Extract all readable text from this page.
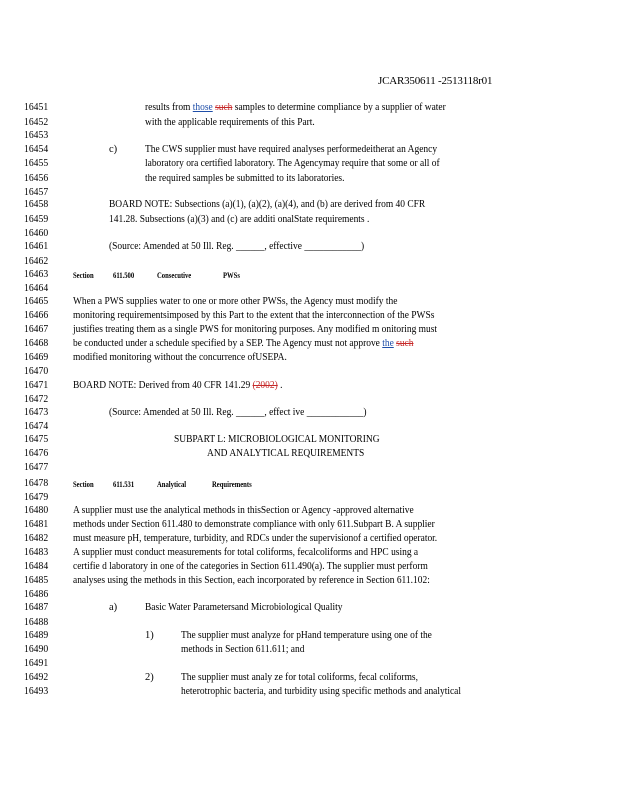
JCAR350611 -2513118r01
16451
16452
16453
16454
16455
16456
16457
16458
16459
16460
16461
16462
16463
16464
16465
16466
16467
16468
16469
16470
16471
16472
16473
16474
16475
16476
16477
16478
16479
16480
16481
16482
16483
16484
16485
16486
16487
16488
16489
16490
16491
16492
16493
results from those such samples to determine compliance by a supplier of water
with the applicable requirements of this Part.
c)	The CWS supplier must have required analyses performedeitherat an Agency
laboratory ora certified laboratory. The Agencymay require that some or all of
the required samples be submitted to its laboratories.
BOARD NOTE: Subsections (a)(1), (a)(2), (a)(4), and (b) are derived from 40 CFR
141.28. Subsections (a)(3) and (c) are additi onalState requirements .
(Source: Amended at 50 Ill. Reg. ______, effective ____________)
Section 611.500	Consecutive	PWSs
When a PWS supplies water to one or more other PWSs, the Agency must modify the
monitoring requirementsimposed by this Part to the extent that the interconnection of the PWSs
justifies treating them as a single PWS for monitoring purposes. Any modified m onitoring must
be conducted under a schedule specified by a SEP. The Agency must not approve the such
modified monitoring without the concurrence ofUSEPA.
BOARD NOTE: Derived from 40 CFR 141.29 (2002) .
(Source: Amended at 50 Ill. Reg. ______, effect ive ____________)
SUBPART L: MICROBIOLOGICAL MONITORING
AND ANALYTICAL REQUIREMENTS
Section 611.531	Analytical	Requirements
A supplier must use the analytical methods in thisSection or Agency -approved alternative
methods under Section 611.480 to demonstrate compliance with only 611.Subpart B. A supplier
must measure pH, temperature, turbidity, and RDCs under the supervisionof a certified operator.
A supplier must conduct measurements for total coliforms, fecalcoliforms and HPC using a
certifie d laboratory in one of the categories in Section 611.490(a). The supplier must perform
analyses using the methods in this Section, each incorporated by reference in Section 611.102:
a)	Basic Water Parametersand Microbiological Quality
1)	The supplier must analyze for pHand temperature using one of the
methods in Section 611.611; and
2)	The supplier must analy ze for total coliforms, fecal coliforms,
heterotrophic bacteria, and turbidity using specific methods and analytical
